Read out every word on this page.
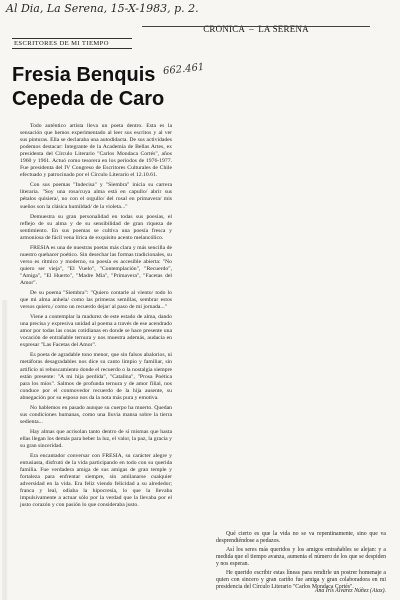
Al Dia, La Serena, 15-X-1983, p. 2.
CRONICA – LA SERENA
ESCRITORES DE MI TIEMPO
Fresia Benquis
Cepeda de Caro
662.461

Todo auténtico artista lleva un poeta dentro. Esta es la sensación que hemos experimentado al leer sus escritos y al ver sus pinturas. Ella se declaraba una autodidacta. De sus actividades podemos destacar: Integrante de la Academia de Bellas Artes, ex presidenta del Círculo Literario "Carlos Mondaca Cortés", años 1960 y 1961. Actuó como tesorera en los períodos de 1976-1977. Fue presidenta del IV Congreso de Escritores Culturales de Chile efectuado y patrocinado por el Círculo Literario el 12.10.61.

Con sus poemas "Indecisa" y "Siembra" inicia su carrera literaria. "Soy una rosa/cuya alma está en capullo/ abrir sus pétalos quisiera/, no con el orgullo/ del rosal en primavera/ mis sueños son la clásica humildad/ de la violeta..."

Demuestra su gran personalidad en todas sus poesías, el reflejo de su alma y de su sensibilidad de gran riqueza de sentimiento. En sus poemas se cultiva una poesía fresca y armoniosa de fácil vena lírica de exquisito acento melancólico.

FRESIA es una de nuestras poetas más clara y más sencilla de nuestro quehacer poético. Sin desechar las formas tradicionales, su verso es rítmico y moderno, su poesía es accesible abierta: "No quiero ser vieja", "El Vuelo", "Contemplación", "Recuerdo", "Amiga", "El Huerto", "Madre Mía", "Primavera", "Facetas del Amor".

De su poema "Siembra": "Quiero contarle al viento/ todo lo que mi alma anhela/ como las primeras semillas, sembrar estos versos quiero,/ como un recuerdo dejar/ al paso de mi jornada..."

Viene a contemplar la madurez de este estado de alma, dando una precisa y expresiva unidad al poema a través de ese acendrado amor por todas las cosas cotidianas en donde se hace presente una vocación de entrañable ternura y nos muestra además, audacia en expresar "Las Facetas del Amor".

Es poeta de agradable tono menor, que sin falsos abalorios, ni metáforas desagradables nos dice su canto limpio y familiar, sin artificio ni rebuscamiento donde el recuerdo o la nostalgia siempre están presente: "A mi hija perdida", "Catalina", "Prosa Poética para los míos". Salmos de profunda ternura y de amor filial, nos conduce por el conmovedor recuerdo de la hija ausente, su abnegación por su esposo nos da la nota más pura y emotiva.

No hablemos en pasado aunque su cuerpo ha muerto. Quedan sus condiciones humanas, como una lluvia mansa sobre la tierra sedienta...

Hay almas que acrisolan tanto dentro de sí mismas que hasta ellas llegan los demás para beber la luz, el valor, la paz, la gracia y su gran sinceridad.

Era encantador conversar con FRESIA, su carácter alegre y entusiasta, disfrutó de la vida participando en todo con su querida familia. Fue verdadera amiga de sus amigas de gran temple y fortaleza para enfrentar siempre, sin amilanarse cualquier adversidad en la vida. Era feliz viendo felicidad a su alrededor; franca y leal, odiaba la hipocresía, lo que la llevaba impulsivamente a actuar sólo por la verdad que la llevaba por el justo corazón y con pasión lo que consideraba justo.

Qué cierto es que la vida no se va repentinamente, sino que va desprendiéndose a pedazos.

Así los seres más queridos y los amigos entrañables se alejan: y a medida que el tiempo avanza, aumenta el número de los que se despiden y nos esperan.

He querido escribir estas líneas para rendirle un postrer homenaje a quien con sincero y gran cariño fue amiga y gran colaboradora en mi presidencia del Círculo Literario "Carlos Mondaca Cortés".

Ana Iris Alvarez Núñez (Aiax).
